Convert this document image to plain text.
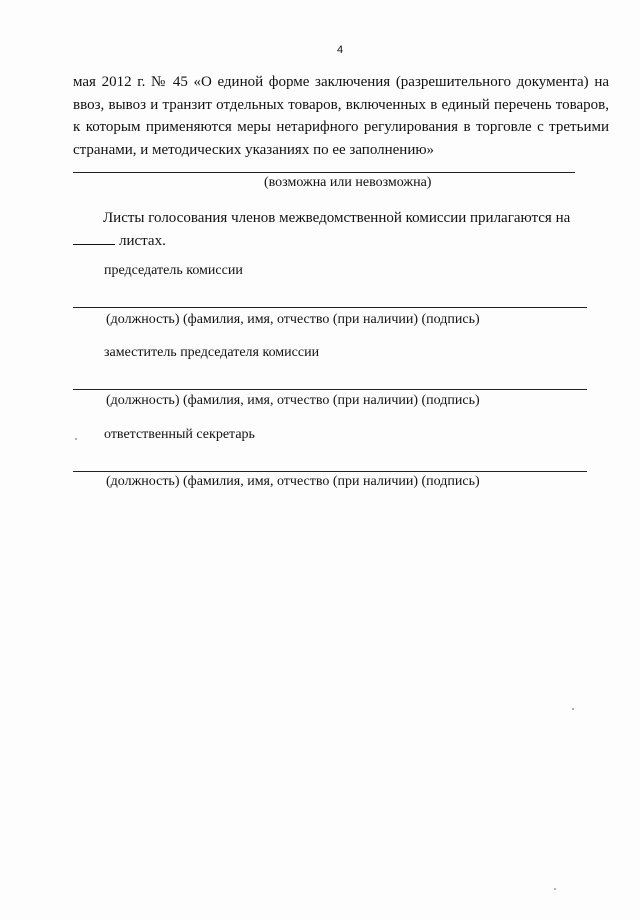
4

мая 2012 г. № 45 «О единой форме заключения (разрешительного документа) на ввоз, вывоз и транзит отдельных товаров, включенных в единый перечень товаров, к которым применяются меры нетарифного регулирования в торговле с третьими странами, и методических указаниях по ее заполнению»

(возможна или невозможна)

Листы голосования членов межведомственной комиссии прилагаются на
листах.

председатель комиссии
(должность) (фамилия, имя, отчество (при наличии) (подпись)
заместитель председателя комиссии
(должность) (фамилия, имя, отчество (при наличии) (подпись)
ответственный секретарь
(должность) (фамилия, имя, отчество (при наличии) (подпись)
